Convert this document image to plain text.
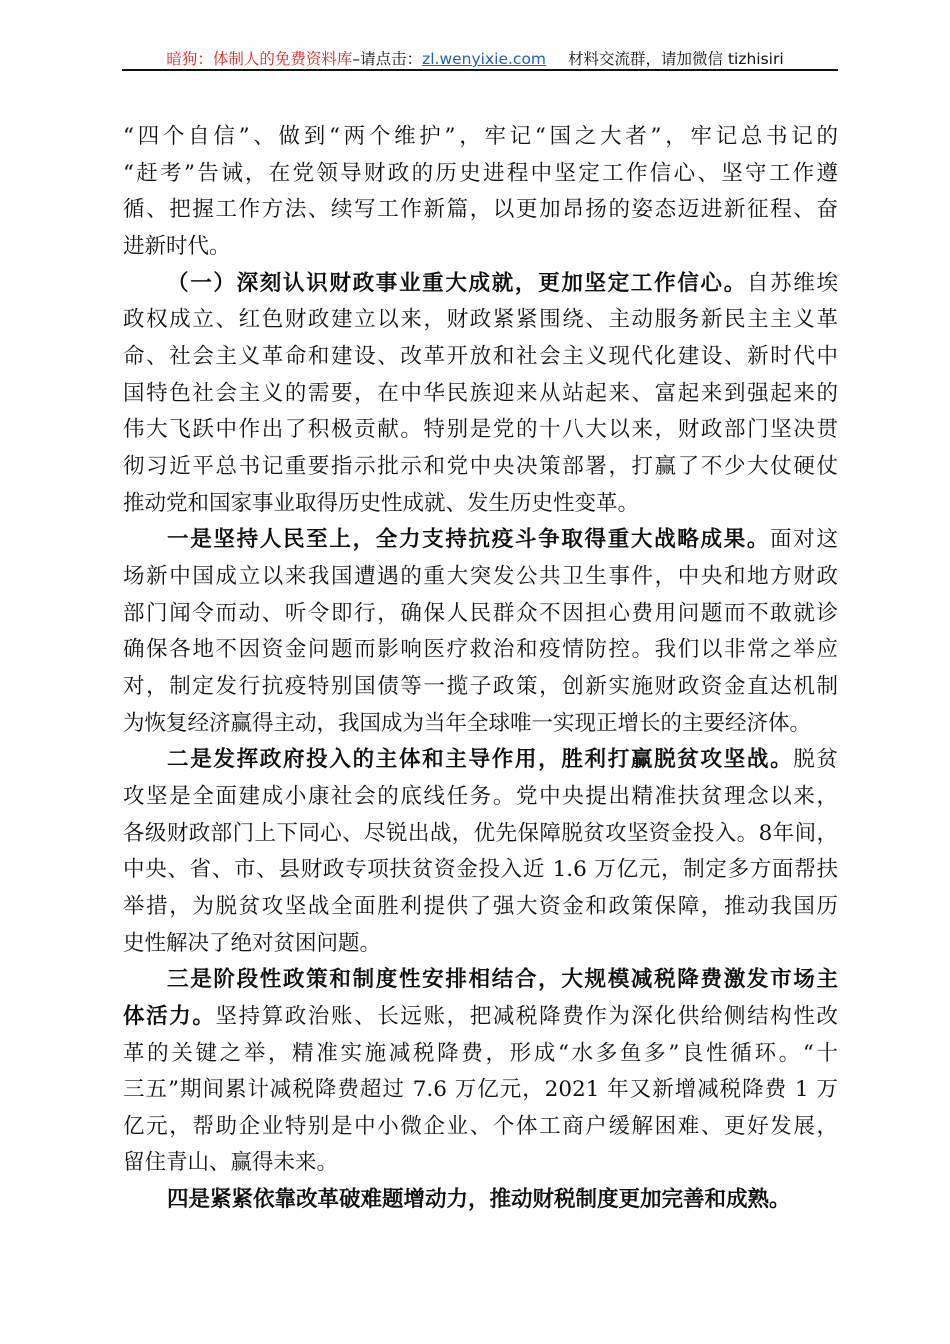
暗狗：体制人的免费资料库–请点击：zl.wenyixie.com 材料交流群，请加微信 tizhisiri
“四个自信”、做到“两个维护”，牢记“国之大者”，牢记总书记的
“赶考”告诫，在党领导财政的历史进程中坚定工作信心、坚守工作遵
循、把握工作方法、续写工作新篇，以更加昂扬的姿态迈进新征程、奋
进新时代。
（一）深刻认识财政事业重大成就，更加坚定工作信心。自苏维埃
政权成立、红色财政建立以来，财政紧紧围绕、主动服务新民主主义革
命、社会主义革命和建设、改革开放和社会主义现代化建设、新时代中
国特色社会主义的需要，在中华民族迎来从站起来、富起来到强起来的
伟大飞跃中作出了积极贡献。特别是党的十八大以来，财政部门坚决贯
彻习近平总书记重要指示批示和党中央决策部署，打赢了不少大仗硬仗
推动党和国家事业取得历史性成就、发生历史性变革。
一是坚持人民至上，全力支持抗疫斗争取得重大战略成果。面对这
场新中国成立以来我国遭遇的重大突发公共卫生事件，中央和地方财政
部门闻令而动、听令即行，确保人民群众不因担心费用问题而不敢就诊
确保各地不因资金问题而影响医疗救治和疫情防控。我们以非常之举应
对，制定发行抗疫特别国债等一揽子政策，创新实施财政资金直达机制
为恢复经济赢得主动，我国成为当年全球唯一实现正增长的主要经济体。
二是发挥政府投入的主体和主导作用，胜利打赢脱贫攻坚战。脱贫
攻坚是全面建成小康社会的底线任务。党中央提出精准扶贫理念以来，
各级财政部门上下同心、尽锐出战，优先保障脱贫攻坚资金投入。8年间，
中央、省、市、县财政专项扶贫资金投入近 1.6 万亿元，制定多方面帮扶
举措，为脱贫攻坚战全面胜利提供了强大资金和政策保障，推动我国历
史性解决了绝对贫困问题。
三是阶段性政策和制度性安排相结合，大规模减税降费激发市场主
体活力。坚持算政治账、长远账，把减税降费作为深化供给侧结构性改
革的关键之举，精准实施减税降费，形成“水多鱼多”良性循环。“十
三五”期间累计减税降费超过 7.6 万亿元，2021 年又新增减税降费 1 万
亿元，帮助企业特别是中小微企业、个体工商户缓解困难、更好发展，
留住青山、赢得未来。
四是紧紧依靠改革破难题增动力，推动财税制度更加完善和成熟。
